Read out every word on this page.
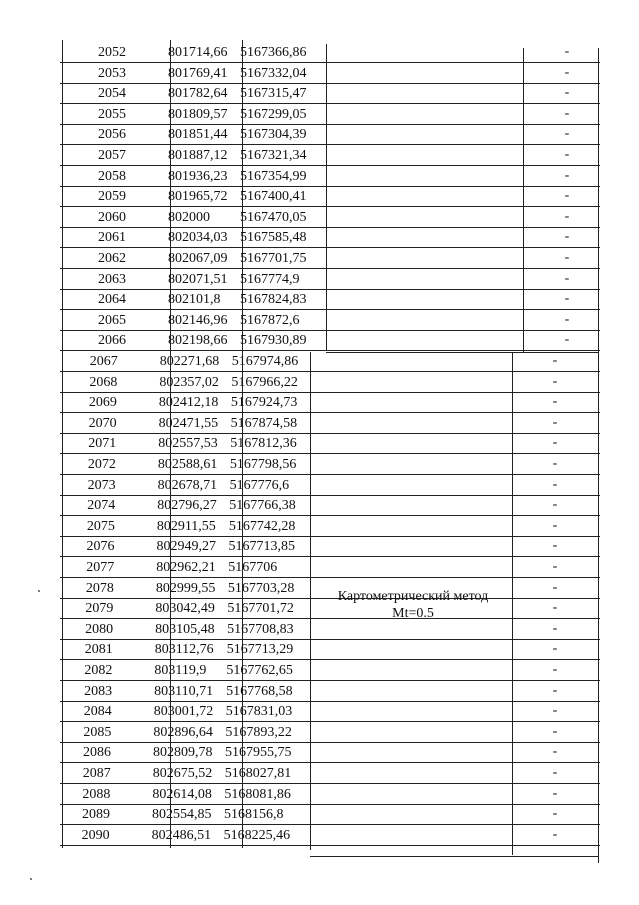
2052	801714,66 5167366,86	-
2053	801769,41 5167332,04	-
2054	801782,64 5167315,47	-
2055	801809,57 5167299,05	-
2056	801851,44 5167304,39	-
2057	801887,12 5167321,34	-
2058	801936,23 5167354,99	-
2059	801965,72 5167400,41	-
2060	802000 5167470,05	-
2061	802034,03 5167585,48	-
2062	802067,09 5167701,75	-
2063	802071,51 5167774,9	-
2064	802101,8 5167824,83	-
2065	802146,96 5167872,6	-
2066	802198,66 5167930,89	-
2067	802271,68 5167974,86	-
2068	802357,02 5167966,22	-
2069	802412,18 5167924,73	-
2070	802471,55 5167874,58	-
2071	802557,53 5167812,36	-
2072	802588,61 5167798,56	-
2073	802678,71 5167776,6	-
2074	802796,27 5167766,38	-
2075	802911,55 5167742,28	-
2076	802949,27 5167713,85	-
2077	802962,21 5167706	-
2078	802999,55 5167703,28	-
2079	803042,49 5167701,72	-
2080	803105,48 5167708,83	-
2081	803112,76 5167713,29	-
2082	803119,9 5167762,65	-
2083	803110,71 5167768,58	-
2084	803001,72 5167831,03	-
2085	802896,64 5167893,22	-
2086	802809,78 5167955,75	-
2087	802675,52 5168027,81	-
2088	802614,08 5168081,86	-
2089	802554,85 5168156,8	-
2090	802486,51 5168225,46	-
Картометрический метод
Mt=0.5
